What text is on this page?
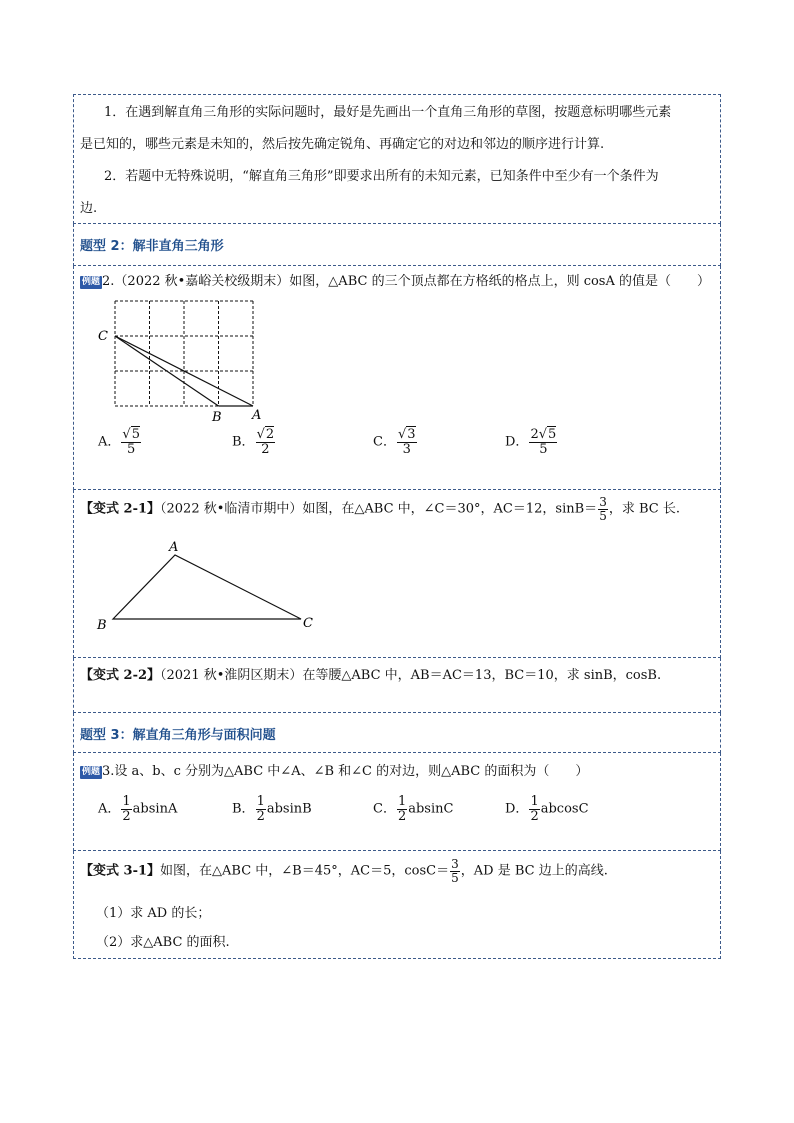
1．在遇到解直角三角形的实际问题时，最好是先画出一个直角三角形的草图，按题意标明哪些元素
是已知的，哪些元素是未知的，然后按先确定锐角、再确定它的对边和邻边的顺序进行计算.
2．若题中无特殊说明，“解直角三角形”即要求出所有的未知元素，已知条件中至少有一个条件为
边.
题型 2：解非直角三角形
例题 2.（2022 秋•嘉峪关校级期末）如图，△ABC 的三个顶点都在方格纸的格点上，则 cosA 的值是（　　）
C
B A
A． $\frac{√5}{5}$	B． $\frac{√2}{2}$	C． $\frac{√3}{3}$	D． $\frac{2√5}{5}$
【变式 2-1】（2022 秋•临清市期中）如图，在△ABC 中，∠C＝30°，AC＝12，$\sin B= \frac{3}{5}$ ，求 BC 长.
A
B	C
【变式 2-2】（2021 秋•淮阴区期末）在等腰△ABC 中，AB＝AC＝13，BC＝10，求 sinB，cosB.
题型 3：解直角三角形与面积问题
例题 3.设 a、b、c 分别为△ABC 中∠A、∠B 和∠C 的对边，则△ABC 的面积为（　　）
A． $\frac{1}{2}$ absinA	B． $\frac{1}{2}$ absinB	C． $\frac{1}{2}$ absinC	D． $\frac{1}{2}$ abcosC
【变式 3-1】如图，在△ABC 中，∠B＝45°，AC＝5，$\cos C= \frac{3}{5}$ ，AD 是 BC 边上的高线.
（1）求 AD 的长；
（2）求△ABC 的面积.
